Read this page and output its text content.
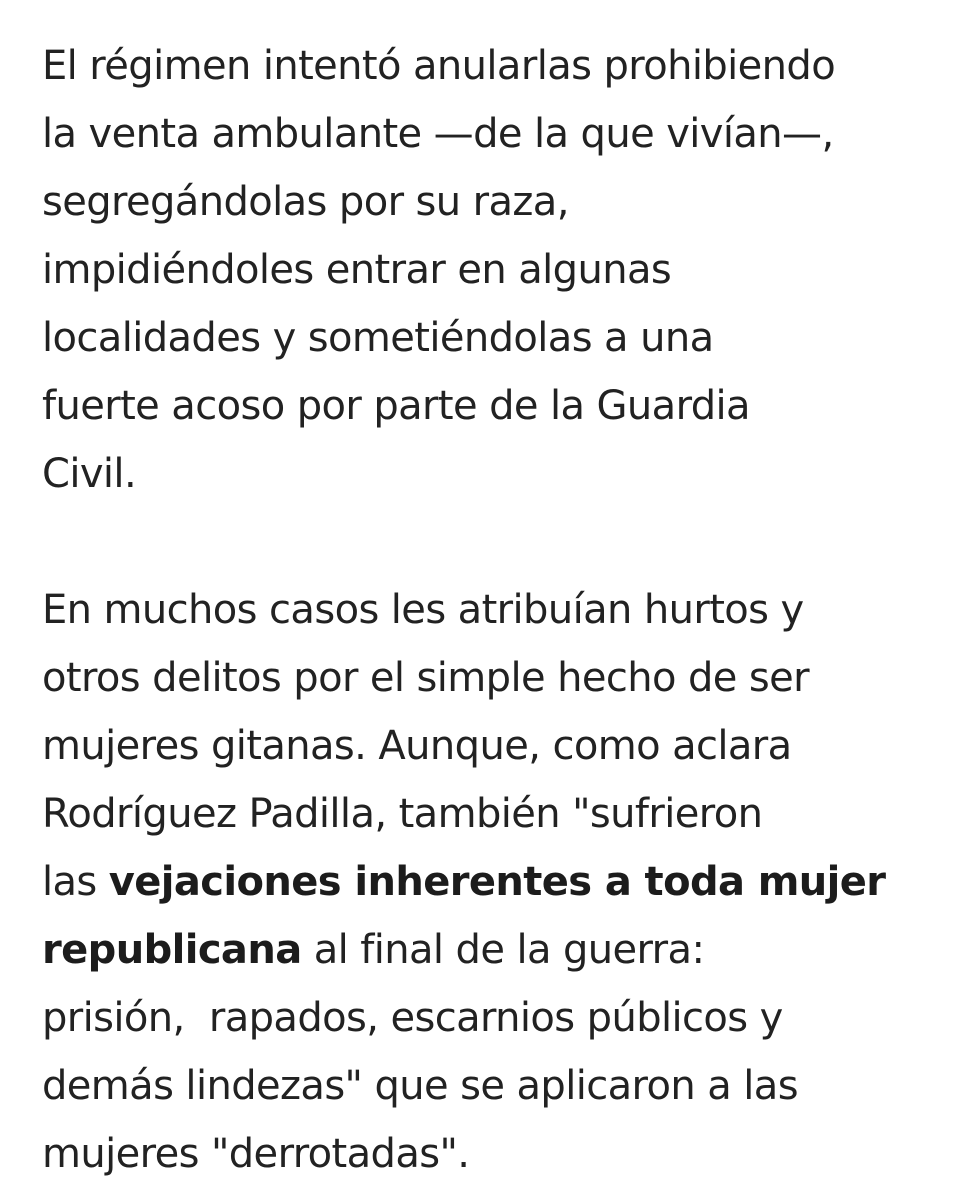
El régimen intentó anularlas prohibiendo
la venta ambulante —de la que vivían—,
segregándolas por su raza,
impidiéndoles entrar en algunas
localidades y sometiéndolas a una
fuerte acoso por parte de la Guardia
Civil.

En muchos casos les atribuían hurtos y
otros delitos por el simple hecho de ser
mujeres gitanas. Aunque, como aclara
Rodríguez Padilla, también "sufrieron
las vejaciones inherentes a toda mujer
republicana al final de la guerra:
prisión,  rapados, escarnios públicos y
demás lindezas" que se aplicaron a las
mujeres "derrotadas".
